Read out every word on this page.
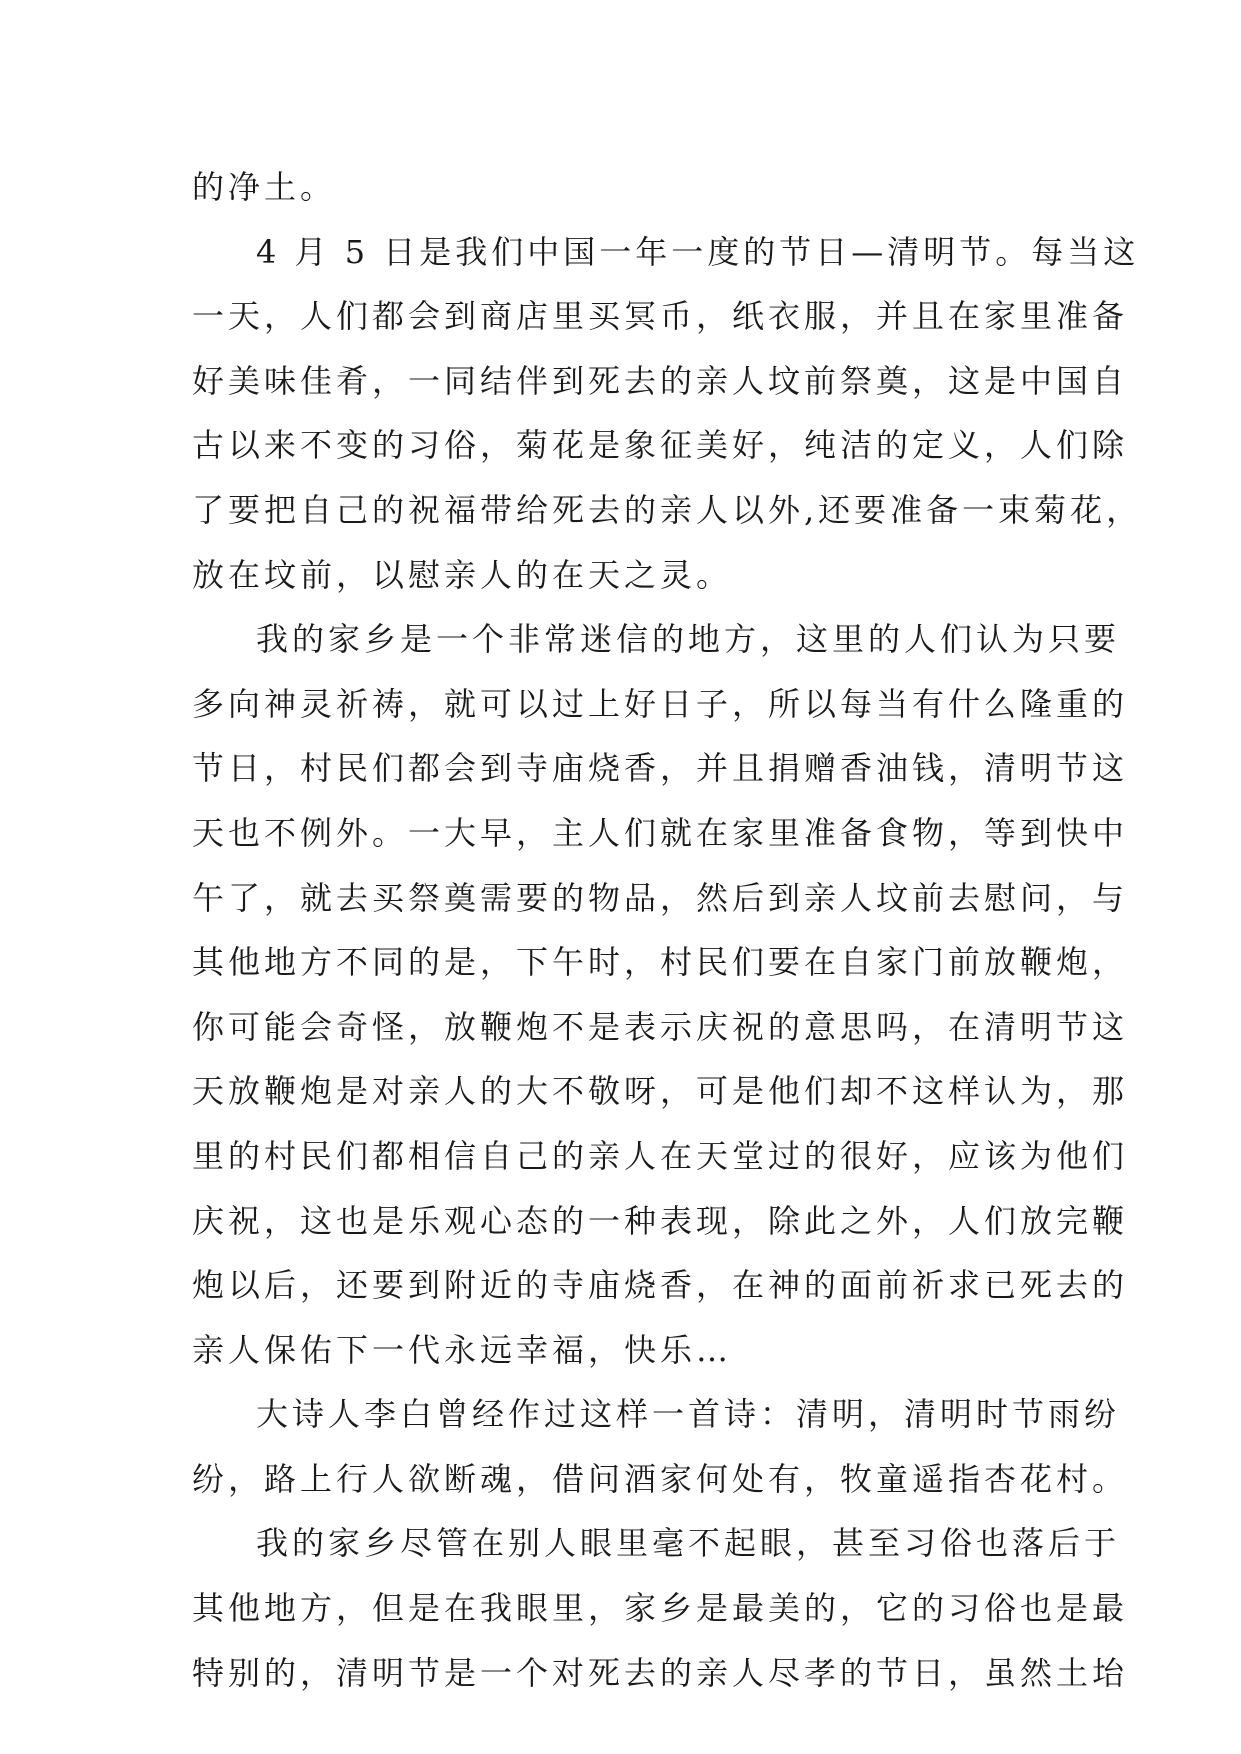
的净土。
4 月 5 日是我们中国一年一度的节日—清明节。每当这
一天，人们都会到商店里买冥币，纸衣服，并且在家里准备
好美味佳肴，一同结伴到死去的亲人坟前祭奠，这是中国自
古以来不变的习俗，菊花是象征美好，纯洁的定义，人们除
了要把自己的祝福带给死去的亲人以外,还要准备一束菊花，
放在坟前，以慰亲人的在天之灵。
我的家乡是一个非常迷信的地方，这里的人们认为只要
多向神灵祈祷，就可以过上好日子，所以每当有什么隆重的
节日，村民们都会到寺庙烧香，并且捐赠香油钱，清明节这
天也不例外。一大早，主人们就在家里准备食物，等到快中
午了，就去买祭奠需要的物品，然后到亲人坟前去慰问，与
其他地方不同的是，下午时，村民们要在自家门前放鞭炮，
你可能会奇怪，放鞭炮不是表示庆祝的意思吗，在清明节这
天放鞭炮是对亲人的大不敬呀，可是他们却不这样认为，那
里的村民们都相信自己的亲人在天堂过的很好，应该为他们
庆祝，这也是乐观心态的一种表现，除此之外，人们放完鞭
炮以后，还要到附近的寺庙烧香，在神的面前祈求已死去的
亲人保佑下一代永远幸福，快乐…
大诗人李白曾经作过这样一首诗：清明，清明时节雨纷
纷，路上行人欲断魂，借问酒家何处有，牧童遥指杏花村。
我的家乡尽管在别人眼里毫不起眼，甚至习俗也落后于
其他地方，但是在我眼里，家乡是最美的，它的习俗也是最
特别的，清明节是一个对死去的亲人尽孝的节日，虽然土坮
